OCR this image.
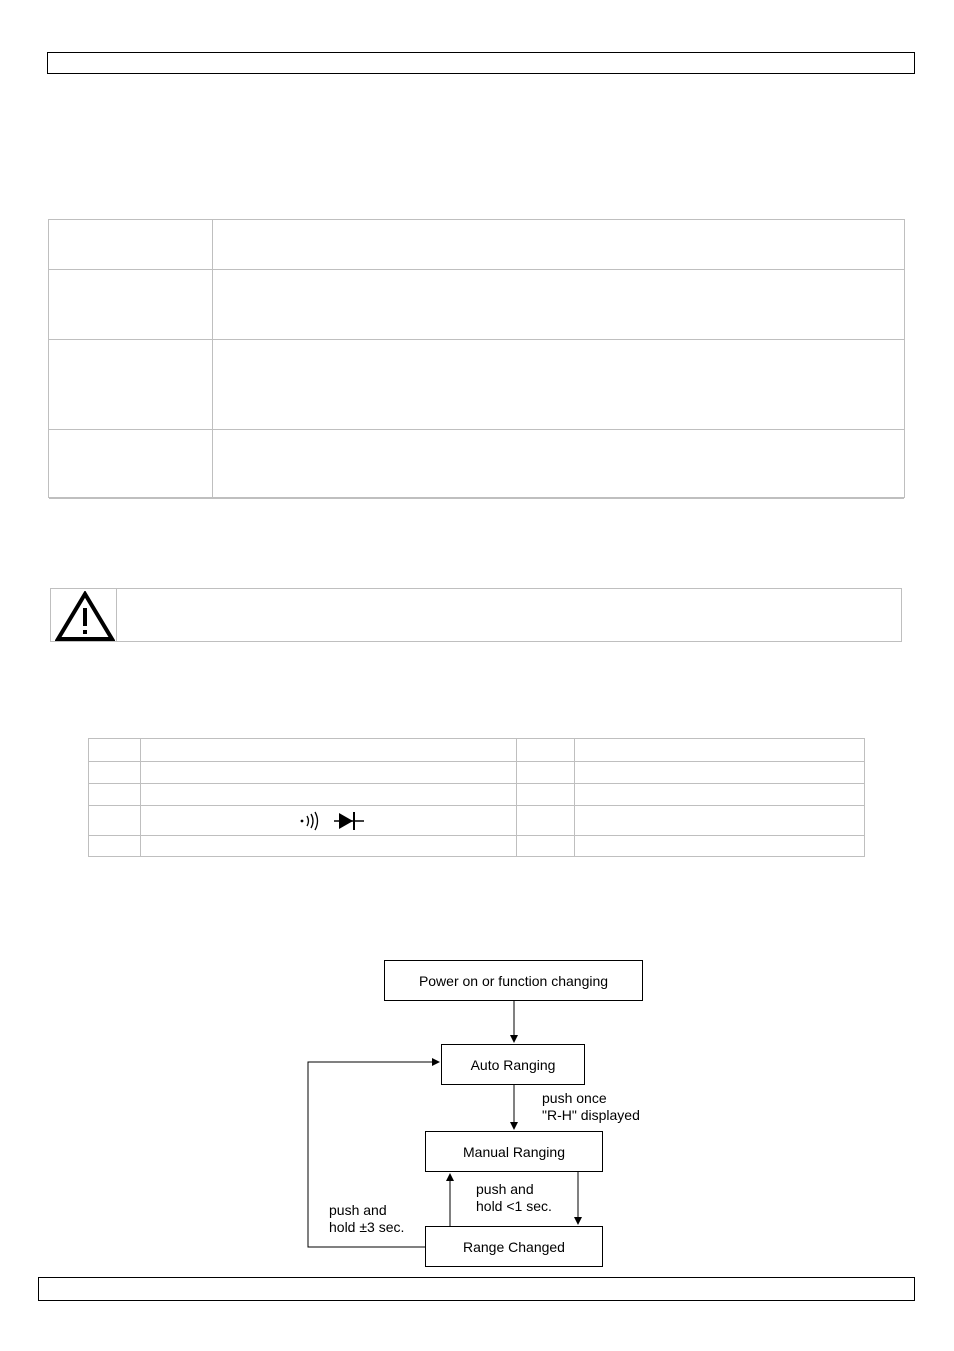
Power on or function changing
Auto Ranging
Manual Ranging
Range Changed
push once
"R-H" displayed
push and
hold <1 sec.
push and
hold ±3 sec.
